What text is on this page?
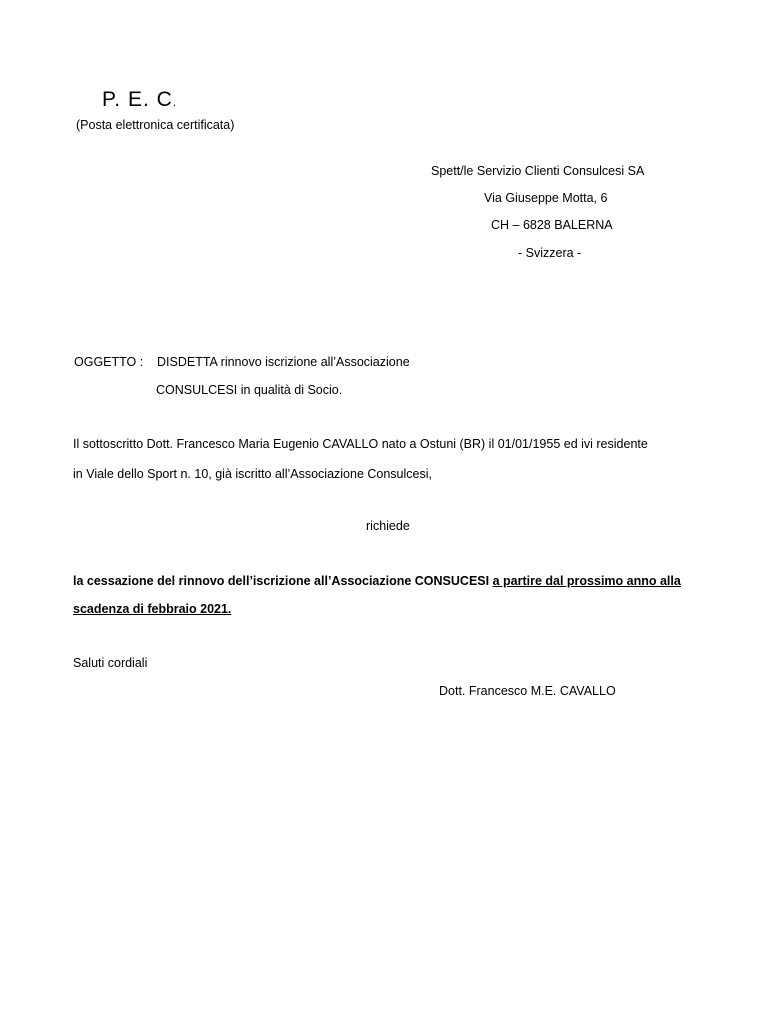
P. E. C.
(Posta elettronica certificata)
Spett/le Servizio Clienti Consulcesi SA
Via Giuseppe Motta, 6
CH – 6828 BALERNA
- Svizzera -
OGGETTO : DISDETTA rinnovo iscrizione all’Associazione
CONSULCESI in qualità di Socio.
Il sottoscritto Dott. Francesco Maria Eugenio CAVALLO nato a Ostuni (BR) il 01/01/1955 ed ivi residente
in Viale dello Sport n. 10, già iscritto all’Associazione Consulcesi,
richiede
la cessazione del rinnovo dell’iscrizione all’Associazione CONSUCESI a partire dal prossimo anno alla
scadenza di febbraio 2021.
Saluti cordiali
Dott. Francesco M.E. CAVALLO
